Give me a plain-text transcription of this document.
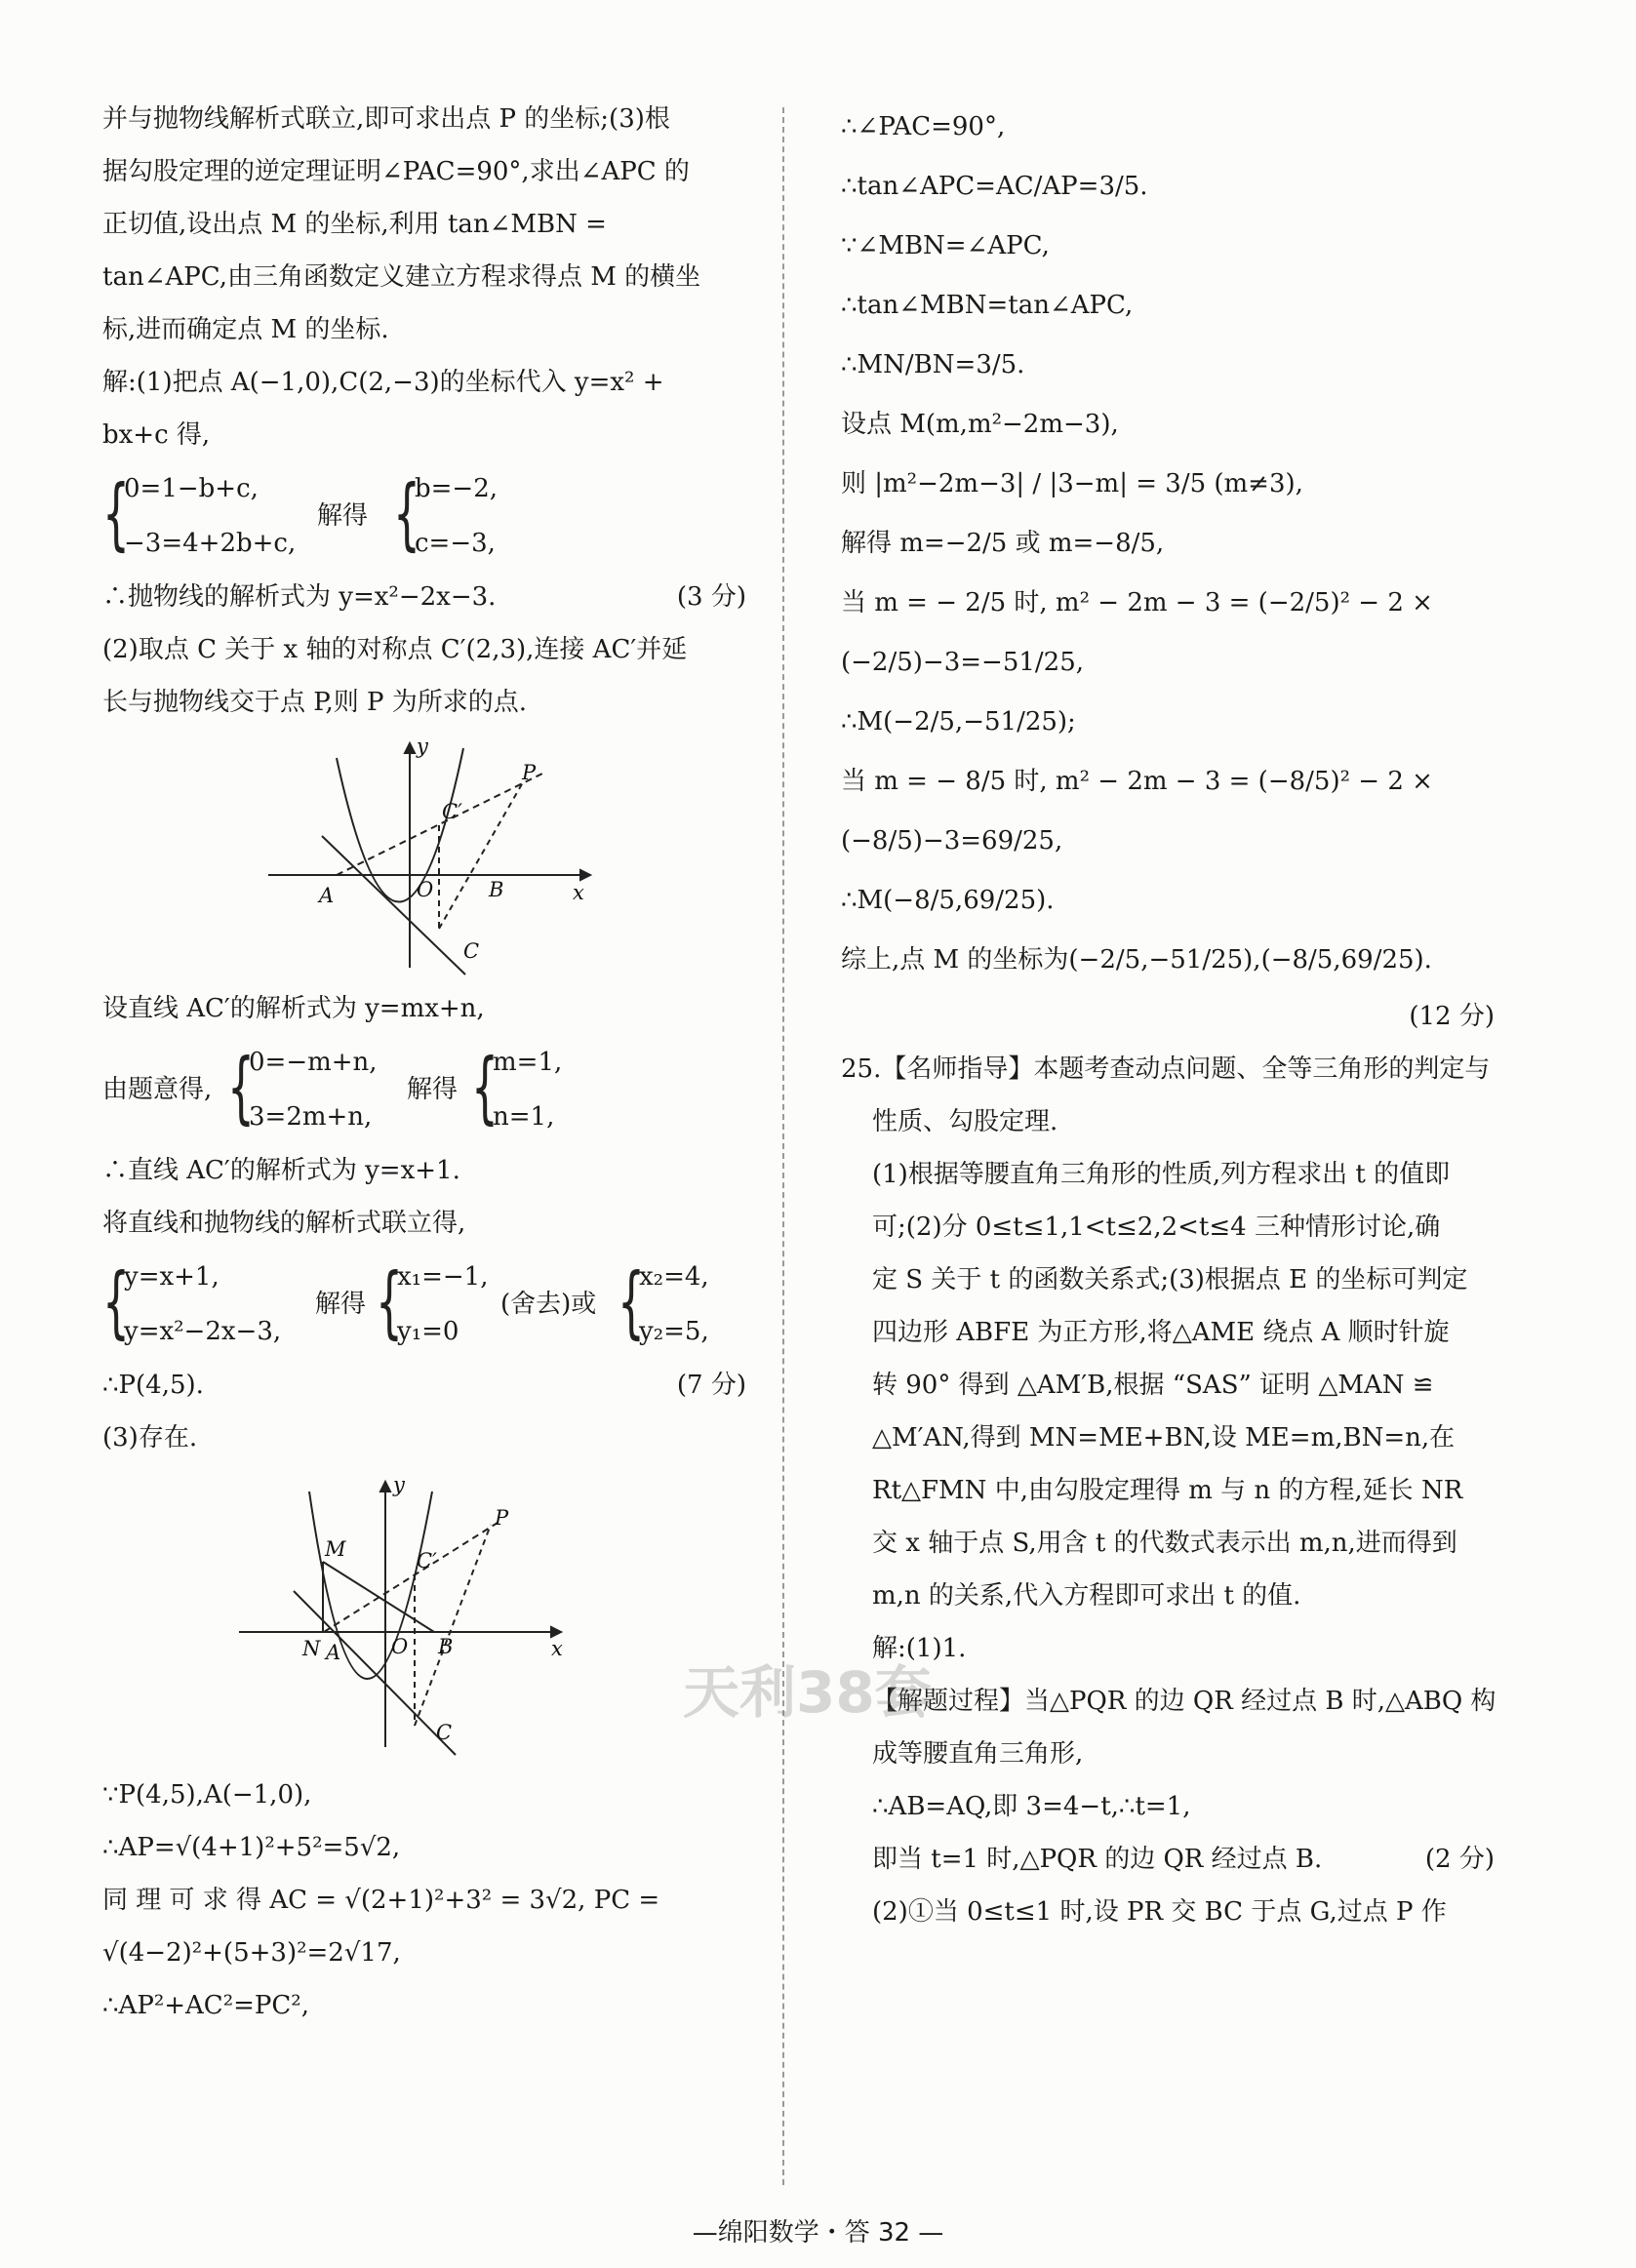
并与抛物线解析式联立,即可求出点 P 的坐标;(3)根
据勾股定理的逆定理证明∠PAC=90°,求出∠APC 的
正切值,设出点 M 的坐标,利用 tan∠MBN =
tan∠APC,由三角函数定义建立方程求得点 M 的横坐
标,进而确定点 M 的坐标.
解:(1)把点 A(−1,0),C(2,−3)的坐标代入 y=x² +
bx+c 得,
{
0=1−b+c,
−3=4+2b+c,
解得 {
b=−2,
c=−3,
∴抛物线的解析式为 y=x²−2x−3.	(3 分)
(2)取点 C 关于 x 轴的对称点 C′(2,3),连接 AC′并延
长与抛物线交于点 P,则 P 为所求的点.
y
x
A	O	B
C
C′
P
设直线 AC′的解析式为 y=mx+n,
由题意得, {
0=−m+n,
3=2m+n,
解得 {
m=1,
n=1,
∴直线 AC′的解析式为 y=x+1.
将直线和抛物线的解析式联立得,
{
y=x+1,
y=x²−2x−3,
解得 {
x₁=−1,
y₁=0
(舍去)或 {
x₂=4,
y₂=5,
∴P(4,5).	(7 分)
(3)存在.
y
x
N A O B
C
C′
P
M
∵P(4,5),A(−1,0),
∴AP=√(4+1)²+5²=5√2,
同 理 可 求 得 AC = √(2+1)²+3² = 3√2, PC =
√(4−2)²+(5+3)²=2√17,
∴AP²+AC²=PC²,
∴∠PAC=90°,
∴tan∠APC=AC/AP=3/5.
∵∠MBN=∠APC,
∴tan∠MBN=tan∠APC,
∴MN/BN=3/5.
设点 M(m,m²−2m−3),
则 |m²−2m−3| / |3−m| = 3/5 (m≠3),
解得 m=−2/5 或 m=−8/5,
当 m = − 2/5 时, m² − 2m − 3 = (−2/5)² − 2 ×
(−2/5)−3=−51/25,
∴M(−2/5,−51/25);
当 m = − 8/5 时, m² − 2m − 3 = (−8/5)² − 2 ×
(−8/5)−3=69/25,
∴M(−8/5,69/25).
综上,点 M 的坐标为(−2/5,−51/25),(−8/5,69/25).
(12 分)
25.【名师指导】本题考查动点问题、全等三角形的判定与
性质、勾股定理.
(1)根据等腰直角三角形的性质,列方程求出 t 的值即
可;(2)分 0≤t≤1,1<t≤2,2<t≤4 三种情形讨论,确
定 S 关于 t 的函数关系式;(3)根据点 E 的坐标可判定
四边形 ABFE 为正方形,将△AME 绕点 A 顺时针旋
转 90° 得到 △AM′B,根据 “SAS” 证明 △MAN ≌
△M′AN,得到 MN=ME+BN,设 ME=m,BN=n,在
Rt△FMN 中,由勾股定理得 m 与 n 的方程,延长 NR
交 x 轴于点 S,用含 t 的代数式表示出 m,n,进而得到
m,n 的关系,代入方程即可求出 t 的值.
解:(1)1.
【解题过程】当△PQR 的边 QR 经过点 B 时,△ABQ 构
成等腰直角三角形,
∴AB=AQ,即 3=4−t,∴t=1,
即当 t=1 时,△PQR 的边 QR 经过点 B.	(2 分)
(2)①当 0≤t≤1 时,设 PR 交 BC 于点 G,过点 P 作
天利38套
—绵阳数学・答 32 —
